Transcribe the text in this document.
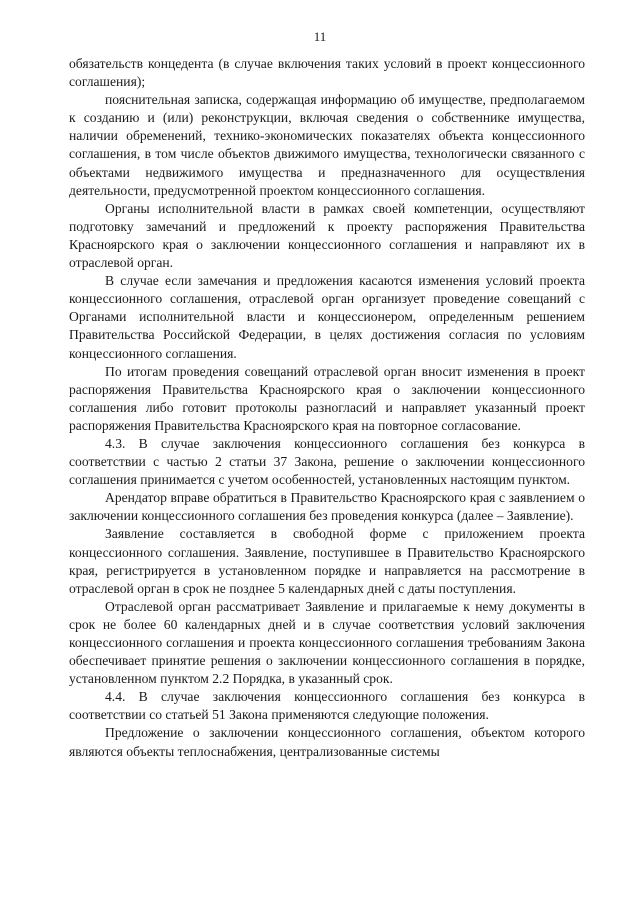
11

обязательств концедента (в случае включения таких условий в проект концессионного соглашения);

пояснительная записка, содержащая информацию об имуществе, предполагаемом к созданию и (или) реконструкции, включая сведения о собственнике имущества, наличии обременений, технико-экономических показателях объекта концессионного соглашения, в том числе объектов движимого имущества, технологически связанного с объектами недвижимого имущества и предназначенного для осуществления деятельности, предусмотренной проектом концессионного соглашения.

Органы исполнительной власти в рамках своей компетенции, осуществляют подготовку замечаний и предложений к проекту распоряжения Правительства Красноярского края о заключении концессионного соглашения и направляют их в отраслевой орган.

В случае если замечания и предложения касаются изменения условий проекта концессионного соглашения, отраслевой орган организует проведение совещаний с Органами исполнительной власти и концессионером, определенным решением Правительства Российской Федерации, в целях достижения согласия по условиям концессионного соглашения.

По итогам проведения совещаний отраслевой орган вносит изменения в проект распоряжения Правительства Красноярского края о заключении концессионного соглашения либо готовит протоколы разногласий и направляет указанный проект распоряжения Правительства Красноярского края на повторное согласование.

4.3. В случае заключения концессионного соглашения без конкурса в соответствии с частью 2 статьи 37 Закона, решение о заключении концессионного соглашения принимается с учетом особенностей, установленных настоящим пунктом.

Арендатор вправе обратиться в Правительство Красноярского края с заявлением о заключении концессионного соглашения без проведения конкурса (далее – Заявление).

Заявление составляется в свободной форме с приложением проекта концессионного соглашения. Заявление, поступившее в Правительство Красноярского края, регистрируется в установленном порядке и направляется на рассмотрение в отраслевой орган в срок не позднее 5 календарных дней с даты поступления.

Отраслевой орган рассматривает Заявление и прилагаемые к нему документы в срок не более 60 календарных дней и в случае соответствия условий заключения концессионного соглашения и проекта концессионного соглашения требованиям Закона обеспечивает принятие решения о заключении концессионного соглашения в порядке, установленном пунктом 2.2 Порядка, в указанный срок.

4.4. В случае заключения концессионного соглашения без конкурса в соответствии со статьей 51 Закона применяются следующие положения.

Предложение о заключении концессионного соглашения, объектом которого являются объекты теплоснабжения, централизованные системы
